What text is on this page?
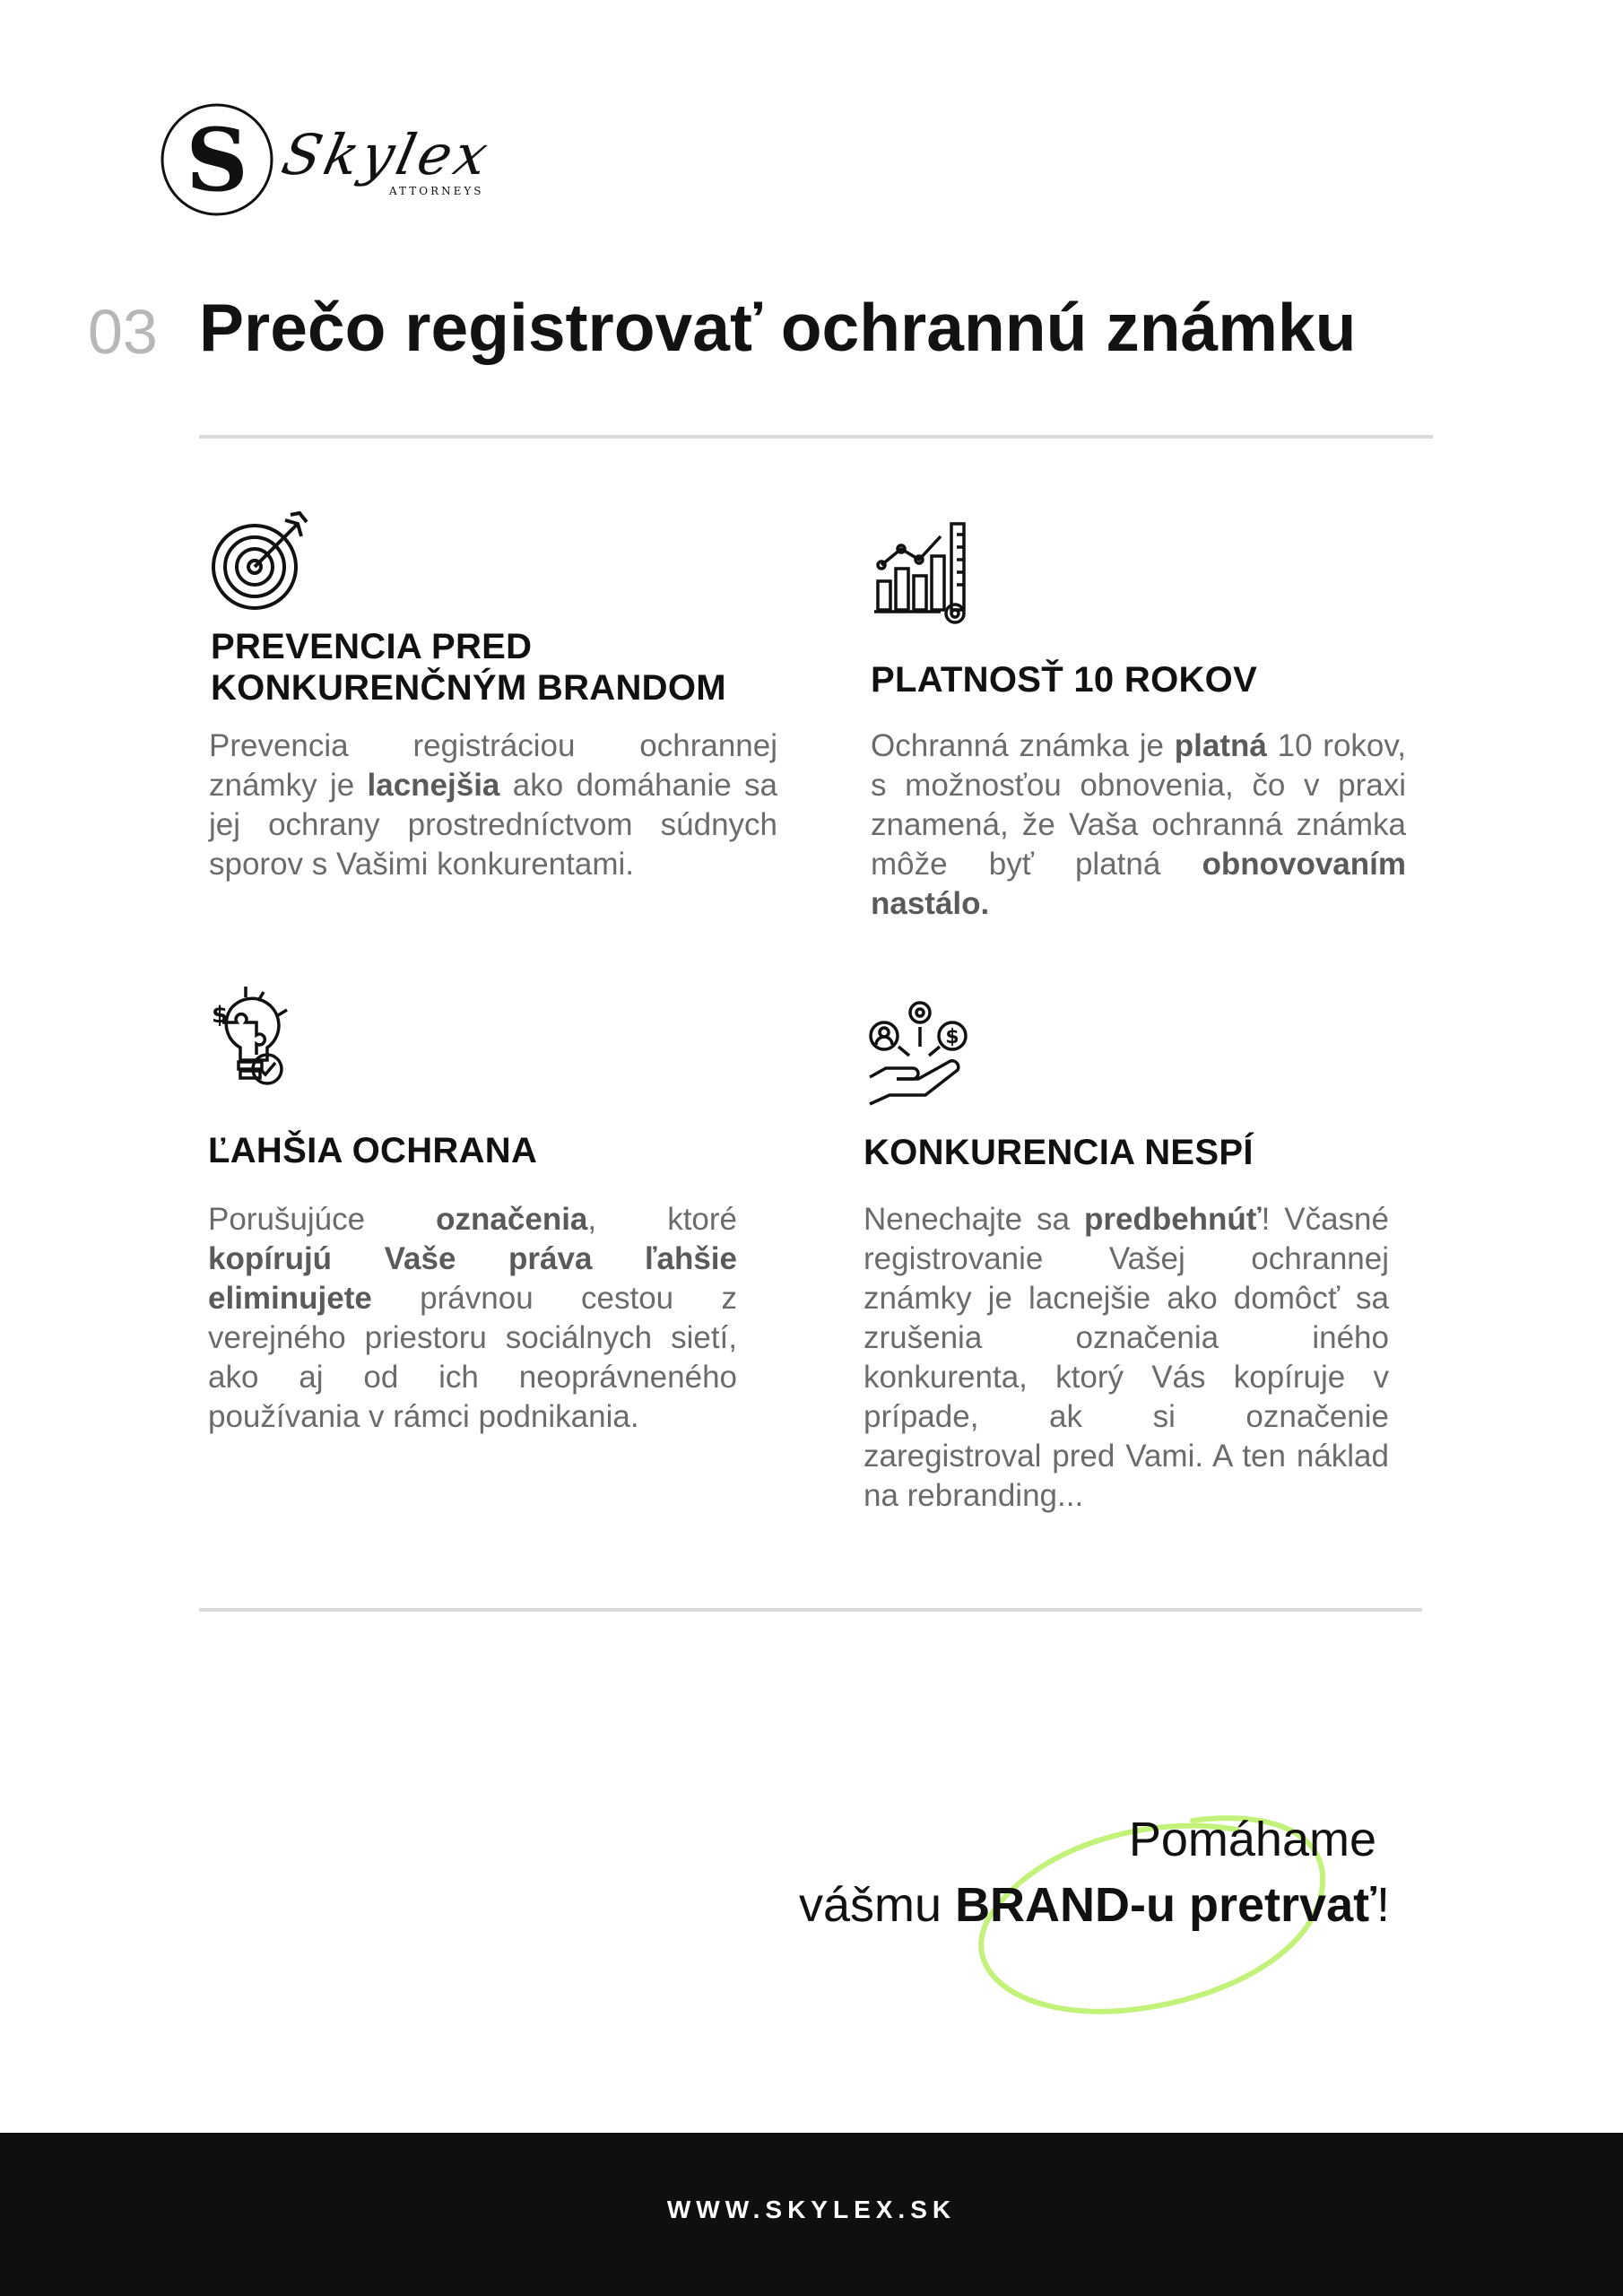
S Skylex
ATTORNEYS
03 Prečo registrovať ochrannú známku
PREVENCIA PRED
KONKURENČNÝM BRANDOM
Prevencia registráciou ochrannej známky je lacnejšia ako domáhanie sa jej ochrany prostredníctvom súdnych sporov s Vašimi konkurentami.
PLATNOSŤ 10 ROKOV
Ochranná známka je platná 10 rokov, s možnosťou obnovenia, čo v praxi znamená, že Vaša ochranná známka môže byť platná obnovovaním nastálo.
$
ĽAHŠIA OCHRANA
Porušujúce označenia, ktoré kopírujú Vaše práva ľahšie eliminujete právnou cestou z verejného priestoru sociálnych sietí, ako aj od ich neoprávneného používania v rámci podnikania.
$
KONKURENCIA NESPÍ
Nenechajte sa predbehnúť! Včasné registrovanie Vašej ochrannej známky je lacnejšie ako domôcť sa zrušenia označenia iného konkurenta, ktorý Vás kopíruje v prípade, ak si označenie zaregistroval pred Vami. A ten náklad na rebranding...
Pomáhame
vášmu BRAND-u pretrvať!
WWW.SKYLEX.SK
